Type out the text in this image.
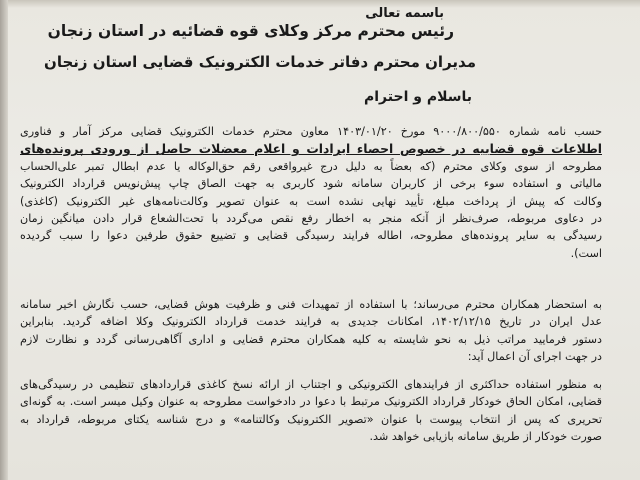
باسمه تعالی
رئیس محترم مرکز وکلای قوه قضائیه در استان زنجان
مدیران محترم دفاتر خدمات الکترونیک قضایی استان زنجان
باسلام و احترام
حسب نامه شماره ۹۰۰۰/۸۰۰/۵۵۰ مورخ ۱۴۰۳/۰۱/۲۰ معاون محترم خدمات الکترونیک قضایی مرکز آمار و فناوری
اطلاعات قوه قضاییه در خصوص احصاء ایرادات و اعلام معضلات حاصل از ورودی پرونده‌های
مطروحه از سوی وکلای محترم (که بعضاً به دلیل درج غیرواقعی رقم حق‌الوکاله یا عدم ابطال تمبر علی‌الحساب
مالیاتی و استفاده سوء برخی از کاربران سامانه شود کاربری به جهت الصاق چاپ پیش‌نویس قرارداد الکترونیک
وکالت که پیش از پرداخت مبلغ، تأیید نهایی نشده است به عنوان تصویر وکالت‌نامه‌های غیر الکترونیک (کاغذی)
در دعاوی مربوطه، صرف‌نظر از آنکه منجر به اخطار رفع نقص می‌گردد با تحت‌الشعاع قرار دادن میانگین زمان
رسیدگی به سایر پرونده‌های مطروحه، اطاله فرایند رسیدگی قضایی و تضییع حقوق طرفین دعوا را سبب گردیده
است).
به استحضار همکاران محترم می‌رساند؛ با استفاده از تمهیدات فنی و ظرفیت هوش قضایی، حسب نگارش اخیر سامانه
عدل ایران در تاریخ ۱۴۰۲/۱۲/۱۵، امکانات جدیدی به فرایند خدمت قرارداد الکترونیک وکلا اضافه گردید. بنابراین
دستور فرمایید مراتب ذیل به نحو شایسته به کلیه همکاران محترم قضایی و اداری آگاهی‌رسانی گردد و نظارت لازم
در جهت اجرای آن اعمال آید:
به منظور استفاده حداکثری از فرایندهای الکترونیکی و اجتناب از ارائه نسخ کاغذی قراردادهای تنظیمی در رسیدگی‌های
قضایی، امکان الحاق خودکار قرارداد الکترونیک مرتبط با دعوا در دادخواست مطروحه به عنوان وکیل میسر است. به گونه‌ای
تحریری که پس از انتخاب پیوست با عنوان «تصویر الکترونیک وکالتنامه» و درج شناسه یکتای مربوطه، قرارداد به
صورت خودکار از طریق سامانه بازیابی خواهد شد.
